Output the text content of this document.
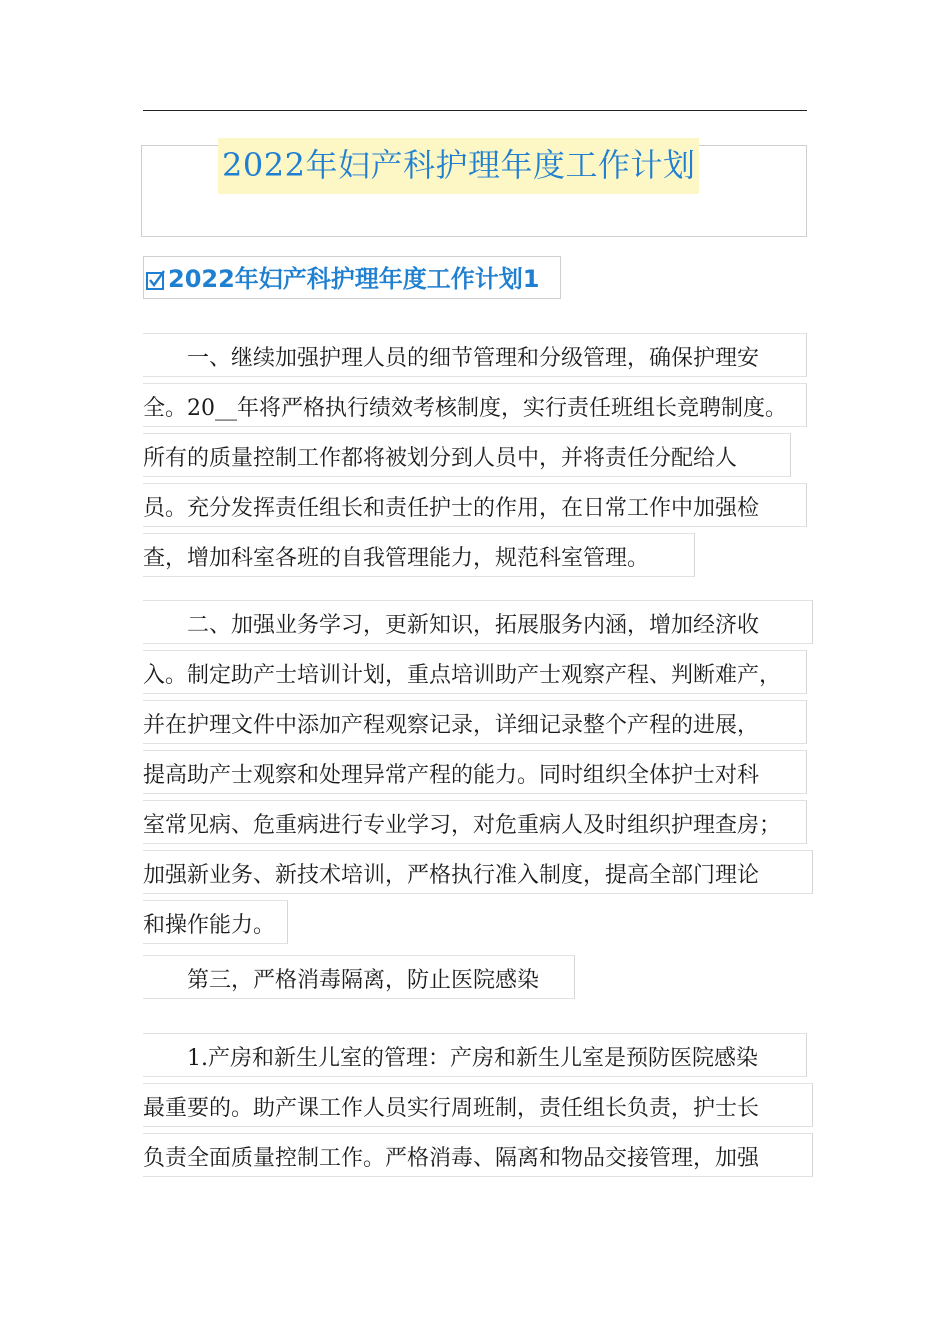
2022年妇产科护理年度工作计划
2022年妇产科护理年度工作计划1
　　一、继续加强护理人员的细节管理和分级管理，确保护理安
全。20__年将严格执行绩效考核制度，实行责任班组长竞聘制度。
所有的质量控制工作都将被划分到人员中，并将责任分配给人
员。充分发挥责任组长和责任护士的作用，在日常工作中加强检
查，增加科室各班的自我管理能力，规范科室管理。
　　二、加强业务学习，更新知识，拓展服务内涵，增加经济收
入。制定助产士培训计划，重点培训助产士观察产程、判断难产，
并在护理文件中添加产程观察记录，详细记录整个产程的进展，
提高助产士观察和处理异常产程的能力。同时组织全体护士对科
室常见病、危重病进行专业学习，对危重病人及时组织护理查房；
加强新业务、新技术培训，严格执行准入制度，提高全部门理论
和操作能力。
　　第三，严格消毒隔离，防止医院感染
　　1.产房和新生儿室的管理：产房和新生儿室是预防医院感染
最重要的。助产课工作人员实行周班制，责任组长负责，护士长
负责全面质量控制工作。严格消毒、隔离和物品交接管理，加强
